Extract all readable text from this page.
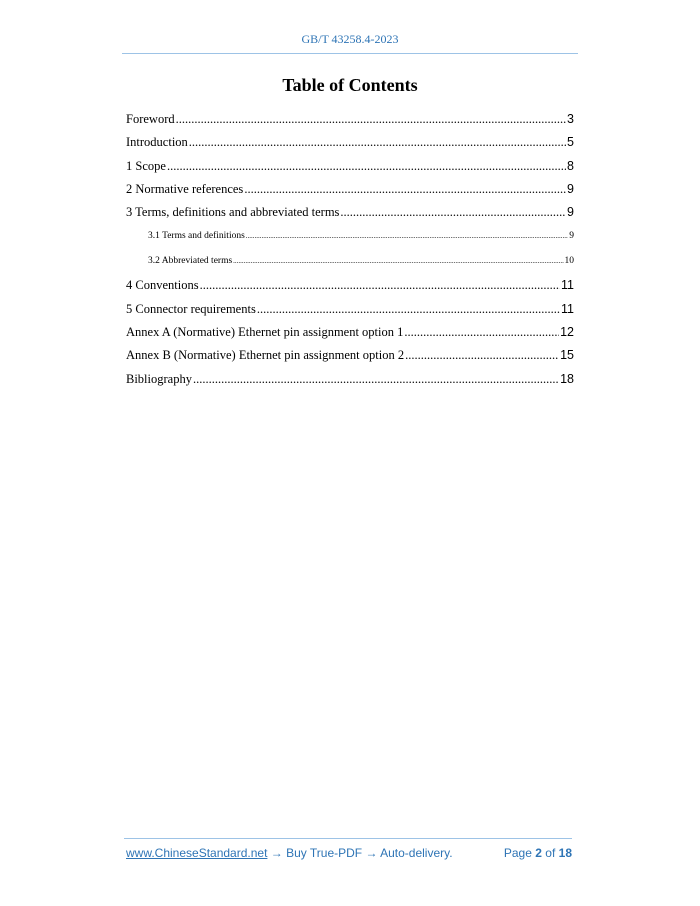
GB/T 43258.4-2023
Table of Contents
Foreword .....	3
Introduction .....	5
1 Scope .....	8
2 Normative references .....	9
3 Terms, definitions and abbreviated terms .....	9
3.1 Terms and definitions .....	9
3.2 Abbreviated terms .....	10
4 Conventions .....	11
5 Connector requirements .....	11
Annex A (Normative) Ethernet pin assignment option 1 .....	12
Annex B (Normative) Ethernet pin assignment option 2 .....	15
Bibliography .....	18
www.ChineseStandard.net → Buy True-PDF → Auto-delivery.	Page 2 of 18
